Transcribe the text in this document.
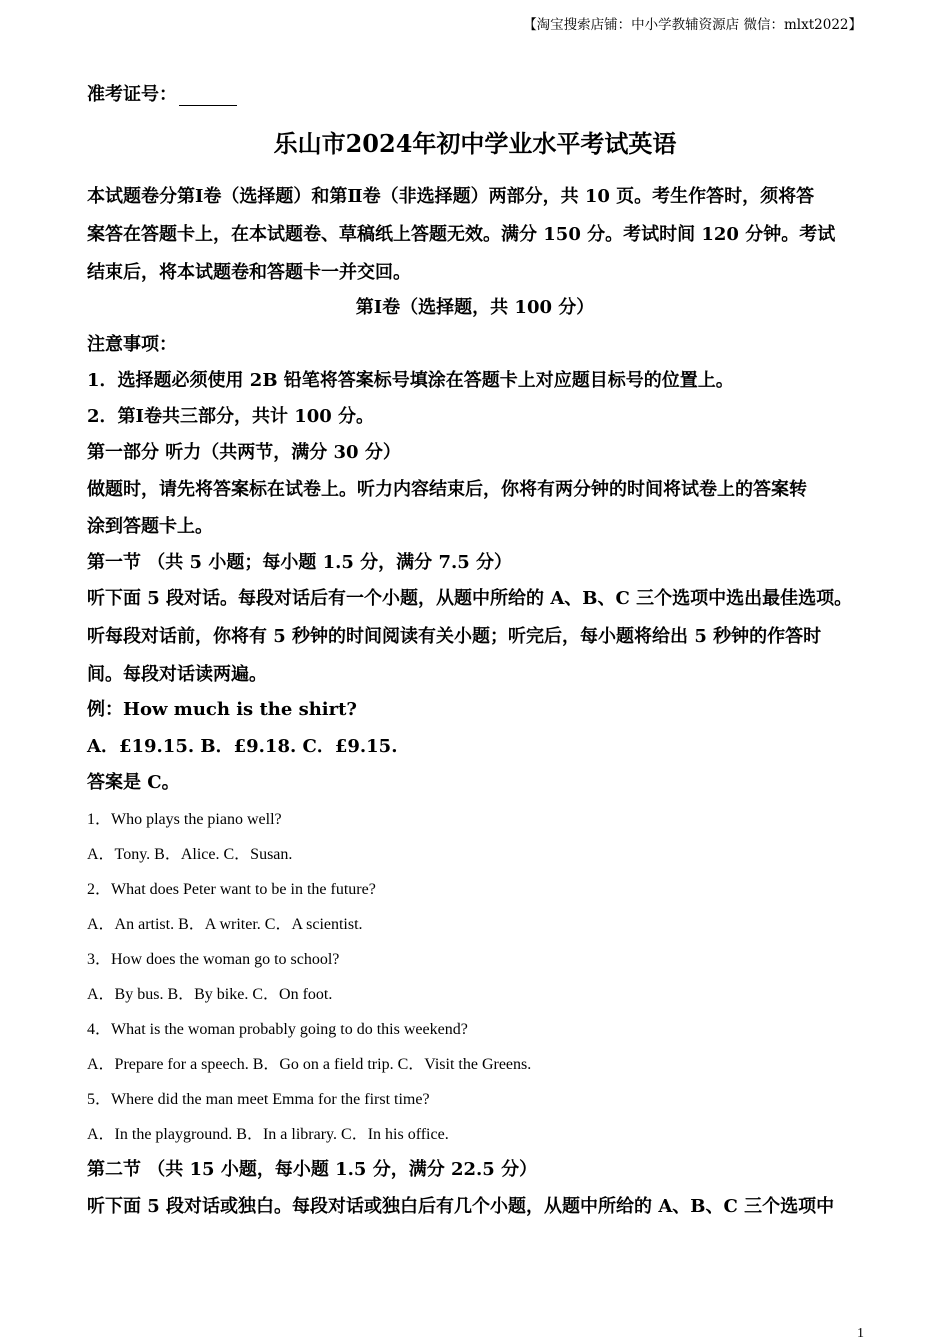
【淘宝搜索店铺：中小学教辅资源店 微信：mlxt2022】
准考证号：
乐山市2024年初中学业水平考试英语
本试题卷分第Ⅰ卷（选择题）和第Ⅱ卷（非选择题）两部分，共 10 页。考生作答时，须将答
案答在答题卡上，在本试题卷、草稿纸上答题无效。满分 150 分。考试时间 120 分钟。考试
结束后，将本试题卷和答题卡一并交回。
第Ⅰ卷（选择题，共 100 分）
注意事项：
1．选择题必须使用 2B 铅笔将答案标号填涂在答题卡上对应题目标号的位置上。
2．第Ⅰ卷共三部分，共计 100 分。
第一部分 听力（共两节，满分 30 分）
做题时，请先将答案标在试卷上。听力内容结束后，你将有两分钟的时间将试卷上的答案转
涂到答题卡上。
第一节 （共 5 小题；每小题 1.5 分，满分 7.5 分）
听下面 5 段对话。每段对话后有一个小题，从题中所给的 A、B、C 三个选项中选出最佳选项。
听每段对话前，你将有 5 秒钟的时间阅读有关小题；听完后，每小题将给出 5 秒钟的作答时
间。每段对话读两遍。
例：How much is the shirt?
A．£19.15. B．£9.18. C．£9.15.
答案是 C。
1．Who plays the piano well?
A．Tony. B．Alice. C．Susan.
2．What does Peter want to be in the future?
A．An artist. B．A writer. C．A scientist.
3．How does the woman go to school?
A．By bus. B．By bike. C．On foot.
4．What is the woman probably going to do this weekend?
A．Prepare for a speech. B．Go on a field trip. C．Visit the Greens.
5．Where did the man meet Emma for the first time?
A．In the playground. B．In a library. C．In his office.
第二节 （共 15 小题，每小题 1.5 分，满分 22.5 分）
听下面 5 段对话或独白。每段对话或独白后有几个小题，从题中所给的 A、B、C 三个选项中
1
